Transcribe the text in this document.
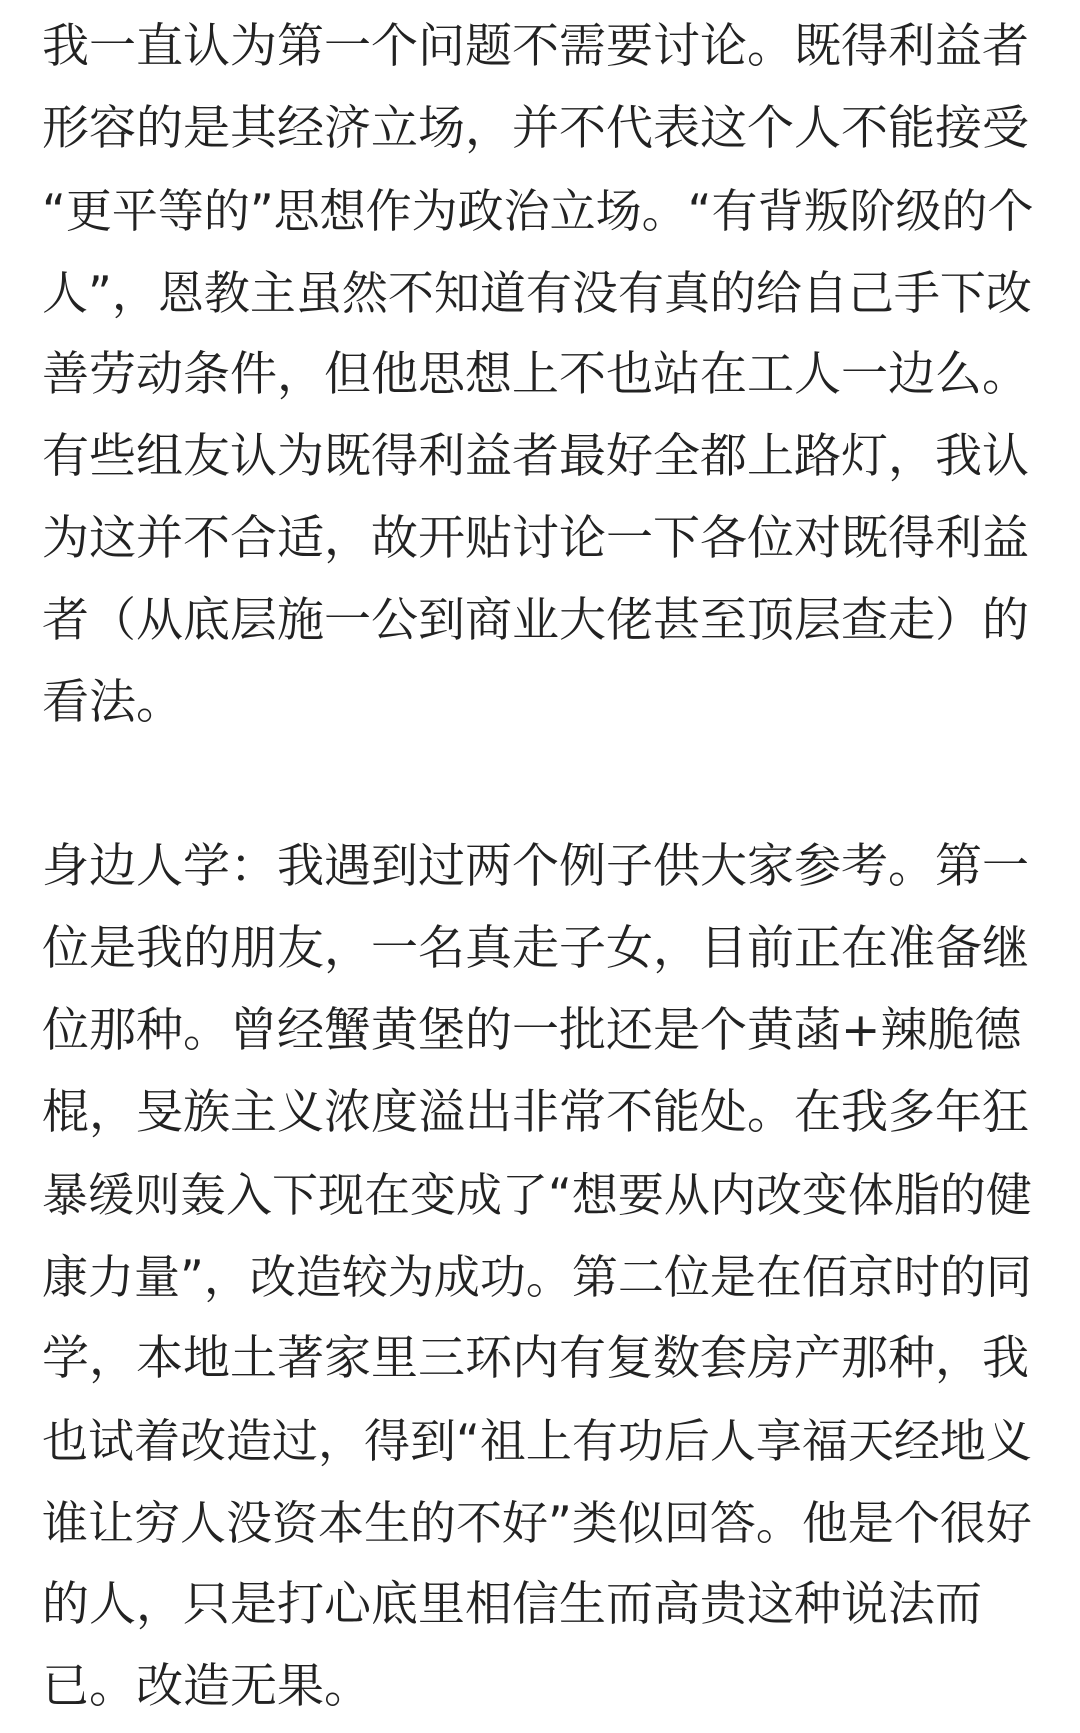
我一直认为第一个问题不需要讨论。既得利益者
形容的是其经济立场，并不代表这个人不能接受
“更平等的”思想作为政治立场。“有背叛阶级的个
人”，恩教主虽然不知道有没有真的给自己手下改
善劳动条件，但他思想上不也站在工人一边么。
有些组友认为既得利益者最好全都上路灯，我认
为这并不合适，故开贴讨论一下各位对既得利益
者（从底层施一公到商业大佬甚至顶层查走）的
看法。
身边人学：我遇到过两个例子供大家参考。第一
位是我的朋友，一名真走子女，目前正在准备继
位那种。曾经蟹黄堡的一批还是个黄菡+辣脆德
棍，旻族主义浓度溢出非常不能处。在我多年狂
暴缓则轰入下现在变成了“想要从内改变体脂的健
康力量”，改造较为成功。第二位是在佰京时的同
学，本地土著家里三环内有复数套房产那种，我
也试着改造过，得到“祖上有功后人享福天经地义
谁让穷人没资本生的不好”类似回答。他是个很好
的人，只是打心底里相信生而高贵这种说法而
已。改造无果。
